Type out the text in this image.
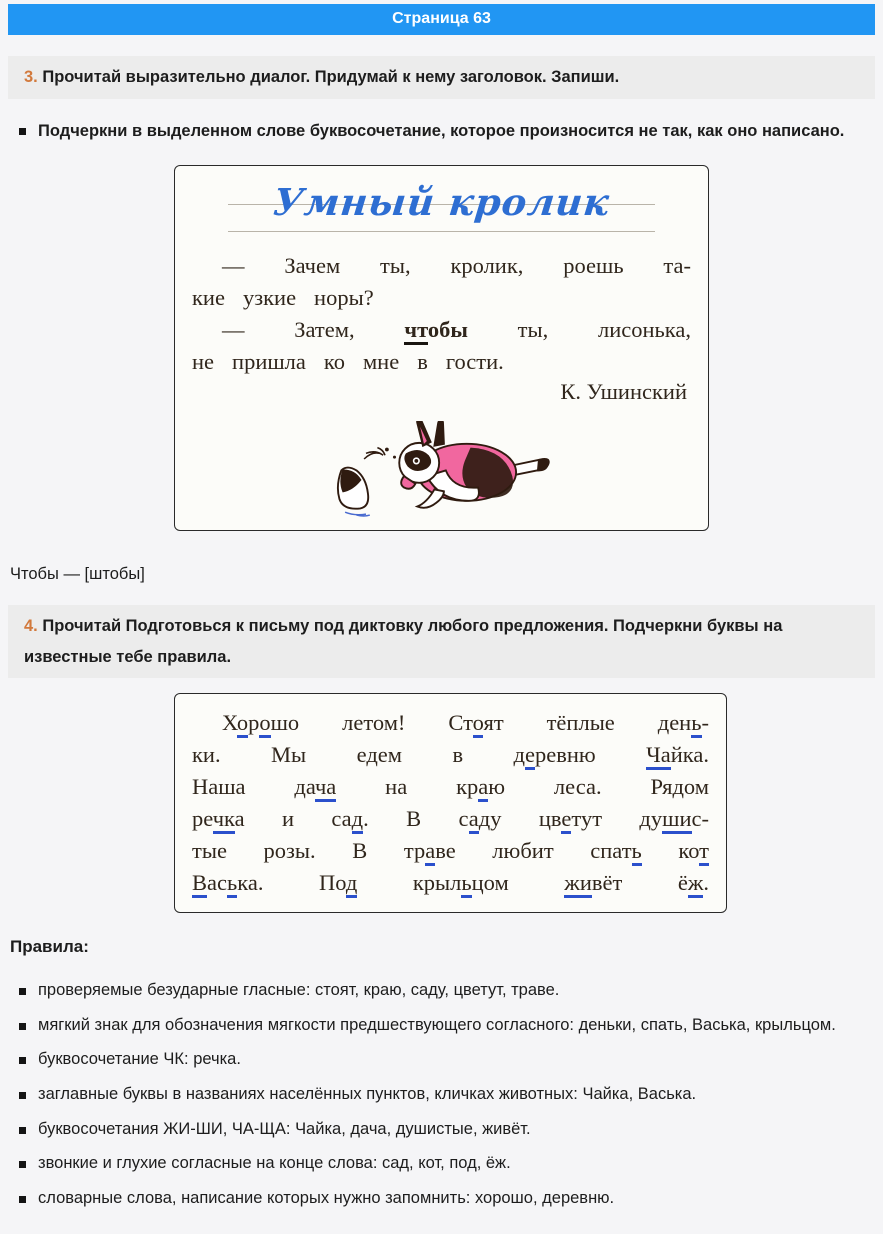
Страница 63
3. Прочитай выразительно диалог. Придумай к нему заголовок. Запиши.
Подчеркни в выделенном слове буквосочетание, которое произносится не так, как оно написано.
Умный кролик
— Зачем ты, кролик, роешь та-
кие узкие норы?
— Затем, чтобы ты, лисонька,
не пришла ко мне в гости.
К. Ушинский
Чтобы — [штобы]
4. Прочитай Подготовься к письму под диктовку любого предложения. Подчеркни буквы на известные тебе правила.
Хорошо летом! Стоят тёплые день-
ки. Мы едем в деревню Чайка.
Наша дача на краю леса. Рядом
речка и сад. В саду цветут душис-
тые розы. В траве любит спать кот
Васька. Под крыльцом живёт ёж.
Правила:
проверяемые безударные гласные: стоят, краю, саду, цветут, траве.
мягкий знак для обозначения мягкости предшествующего согласного: деньки, спать, Васька, крыльцом.
буквосочетание ЧК: речка.
заглавные буквы в названиях населённых пунктов, кличках животных: Чайка, Васька.
буквосочетания ЖИ-ШИ, ЧА-ЩА: Чайка, дача, душистые, живёт.
звонкие и глухие согласные на конце слова: сад, кот, под, ёж.
словарные слова, написание которых нужно запомнить: хорошо, деревню.
